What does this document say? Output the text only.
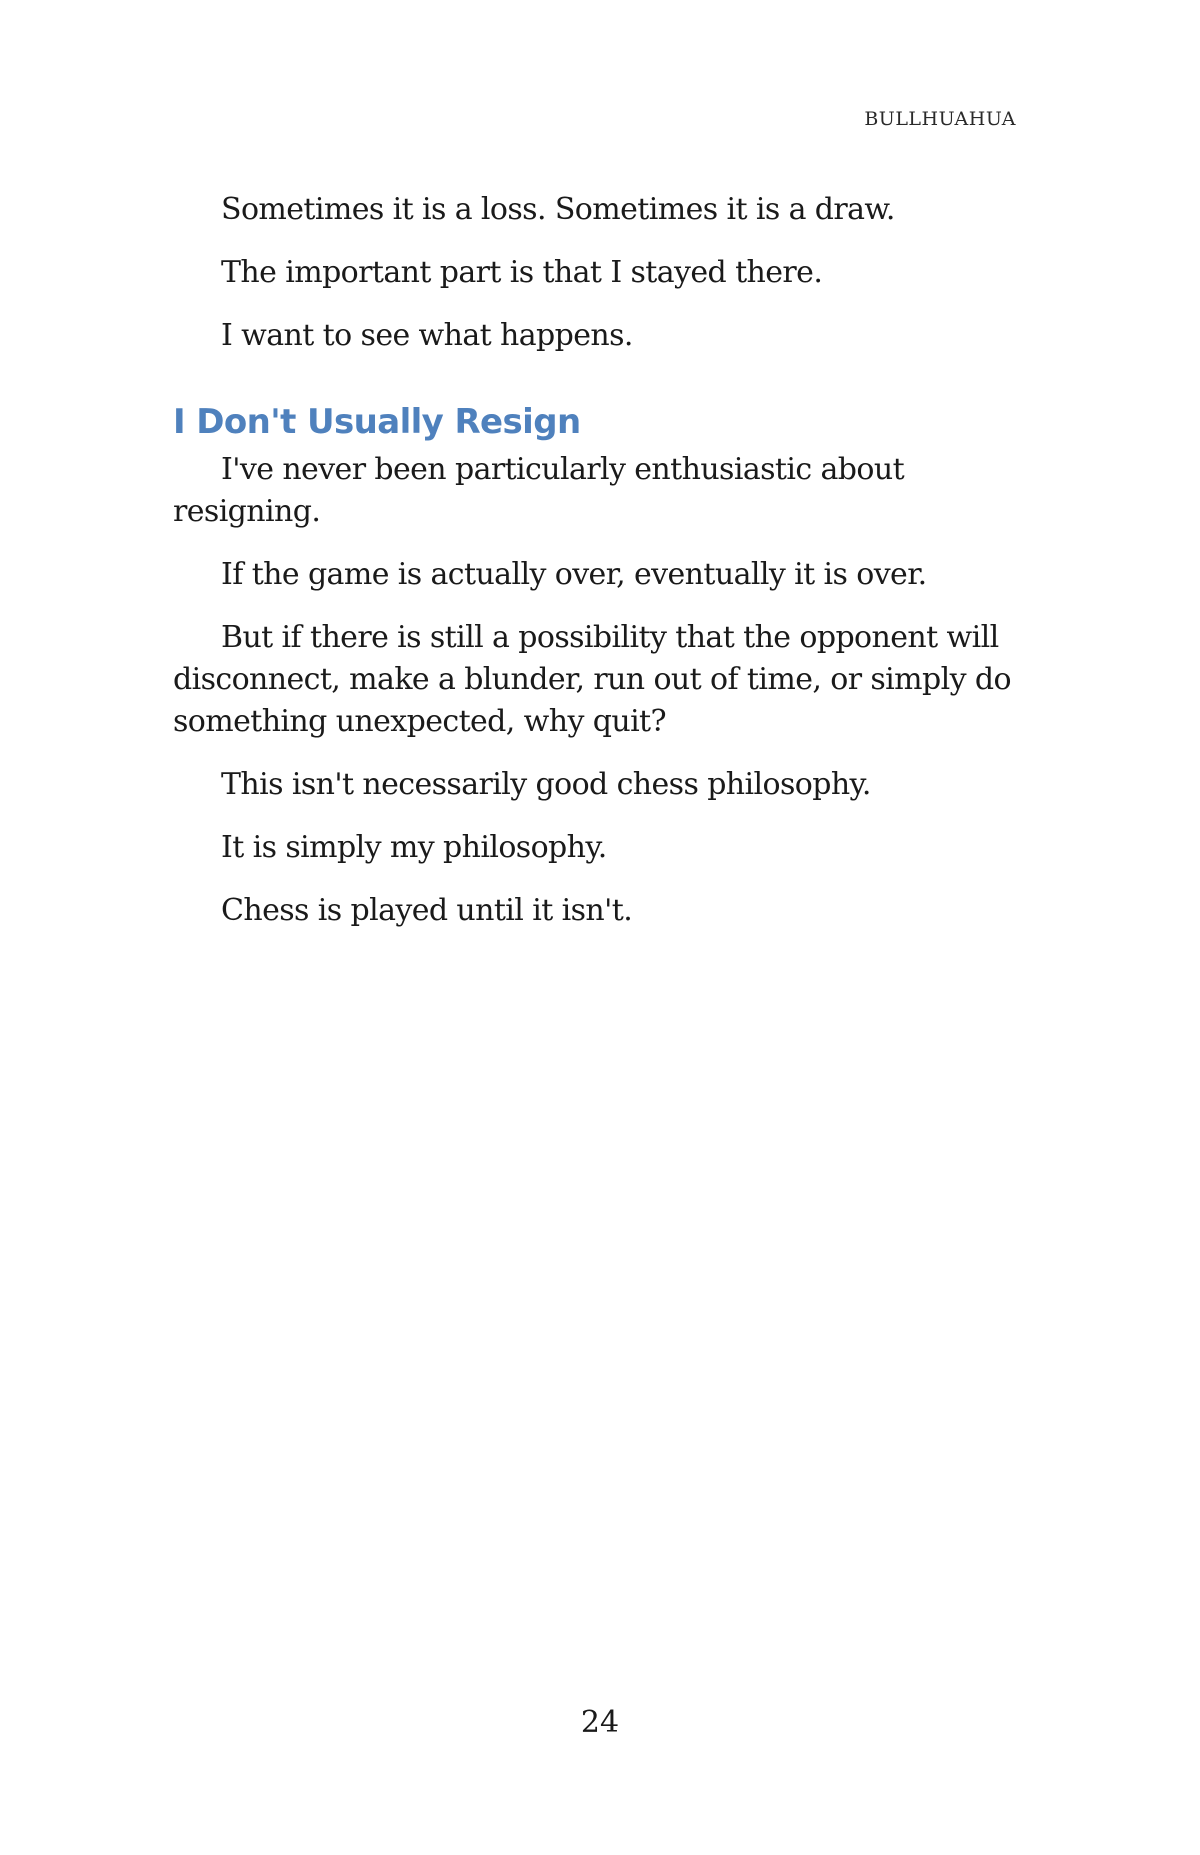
BULLHUAHUA

Sometimes it is a loss. Sometimes it is a draw.

The important part is that I stayed there.

I want to see what happens.

I Don't Usually Resign

I've never been particularly enthusiastic about resigning.

If the game is actually over, eventually it is over.

But if there is still a possibility that the opponent will disconnect, make a blunder, run out of time, or simply do something unexpected, why quit?

This isn't necessarily good chess philosophy.

It is simply my philosophy.

Chess is played until it isn't.

24
